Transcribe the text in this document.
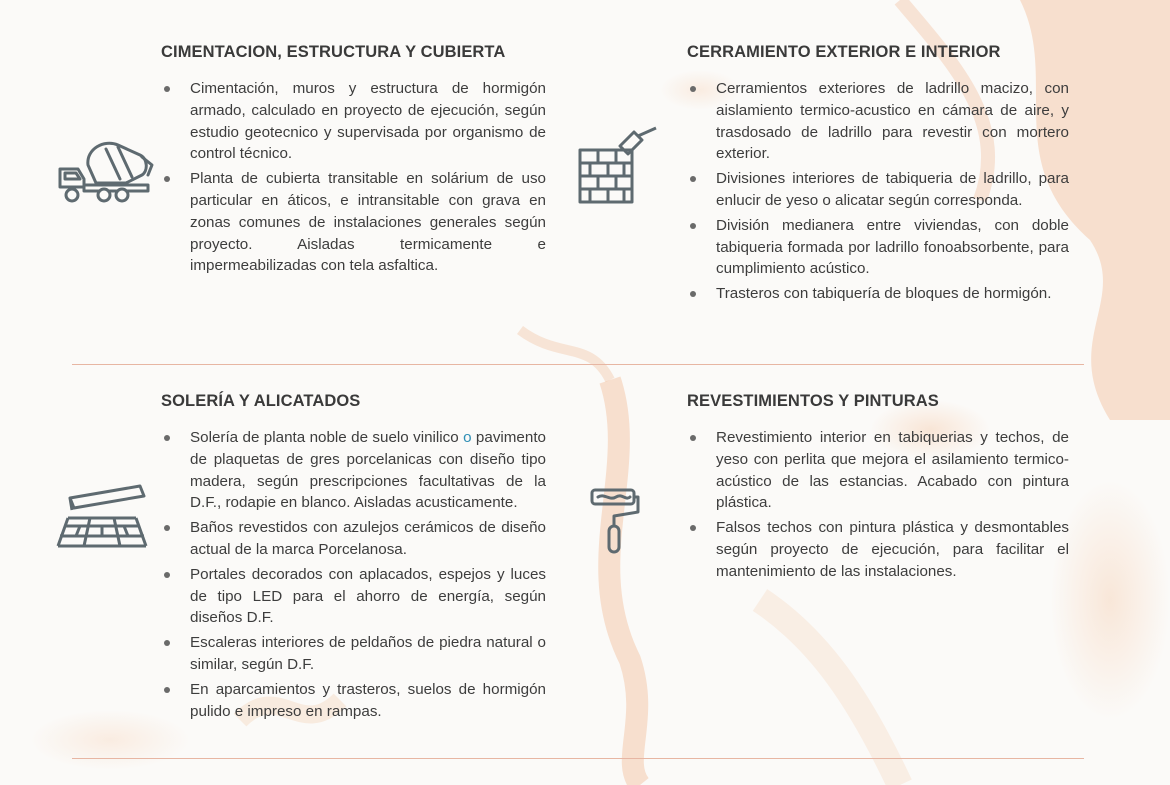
CIMENTACION, ESTRUCTURA Y CUBIERTA
Cimentación, muros y estructura de hormigón armado, calculado en proyecto de ejecución, según estudio geotecnico y supervisada por organismo de control técnico.
Planta de cubierta transitable en solárium de uso particular en áticos, e intransitable con grava en zonas comunes de instalaciones generales según proyecto. Aisladas termicamente e impermeabilizadas con tela asfaltica.
CERRAMIENTO EXTERIOR E INTERIOR
Cerramientos exteriores de ladrillo macizo, con aislamiento termico-acustico en cámara de aire, y trasdosado de ladrillo para revestir con mortero exterior.
Divisiones interiores de tabiqueria de ladrillo, para enlucir de yeso o alicatar según corresponda.
División medianera entre viviendas, con doble tabiqueria formada por ladrillo fonoabsorbente, para cumplimiento acústico.
Trasteros con tabiquería de bloques de hormigón.
SOLERÍA Y ALICATADOS
Solería de planta noble de suelo vinilico o pavimento de plaquetas de gres porcelanicas con diseño tipo madera, según prescripciones facultativas de la D.F., rodapie en blanco. Aisladas acusticamente.
Baños revestidos con azulejos cerámicos de diseño actual de la marca Porcelanosa.
Portales decorados con aplacados, espejos y luces de tipo LED para el ahorro de energía, según diseños D.F.
Escaleras interiores de peldaños de piedra natural o similar, según D.F.
En aparcamientos y trasteros, suelos de hormigón pulido e impreso en rampas.
REVESTIMIENTOS Y PINTURAS
Revestimiento interior en tabiquerias y techos, de yeso con perlita que mejora el asilamiento termico-acústico de las estancias. Acabado con pintura plástica.
Falsos techos con pintura plástica y desmontables según proyecto de ejecución, para facilitar el mantenimiento de las instalaciones.
